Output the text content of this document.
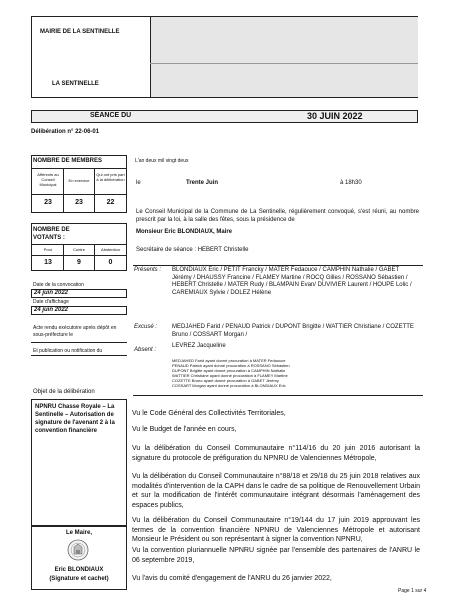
MAIRIE DE LA SENTINELLE
LA SENTINELLE
SÉANCE DU	30 JUIN 2022
Délibération n° 22-06-01
NOMBRE DE MEMBRES
Afférents au Conseil Municipal
En exercice
Qui ont pris part à la délibération
23	23	22
NOMBRE DE VOTANTS :
Pour	Contre	Abstention
13	9	0
Date de la convocation
24 juin 2022
Date d'affichage
24 juin 2022
Acte rendu exécutoire après dépôt en sous-préfecture le
Et publication ou notification du
Objet de la délibération
NPNRU Chasse Royale – La Sentinelle – Autorisation de signature de l'avenant 2 à la convention financière
Le Maire,
Eric BLONDIAUX
(Signature et cachet)
L'an deux mil vingt deux
le	Trente Juin	à 18h30
Le Conseil Municipal de la Commune de La Sentinelle, régulièrement convoqué, s'est réuni, au nombre prescrit par la loi, à la salle des fêtes, sous la présidence de
Monsieur Eric BLONDIAUX, Maire
Secrétaire de séance : HEBERT Christelle
Présents : BLONDIAUX Eric / PETIT Francky / MATER Fedaouce / CAMPHIN Nathalie / GABET Jérémy / DHAUSSY Francine / FLAMEY Martine / ROCQ Gilles / ROSSANO Sébastien / HEBERT Christelle / MATER Rudy / BLAMPAIN Evan/ DUVIVIER Laurent / HOUPE Lolic / CAREMIAUX Sylvie / DOLEZ Hélène
Excusé : MEDJAHED Farid / PENAUD Patrick / DUPONT Brigitte / WATTIER Christiane / COZETTE Bruno / COSSART Morgan /
Absent :
LEVREZ Jacqueline
MEDJAHED Farid ayant donné procuration à MATER Fedaouce
PENAUD Patrick ayant donné procuration à ROSSANO Sébastien
DUPONT Brigitte ayant donné procuration à CAMPHIN Nathalie
WATTIER Christiane ayant donné procuration à FLAMEY Martine
COZETTE Bruno ayant donné procuration à GABET Jérémy
COSSART Morgan ayant donné procuration à BLONDIAUX Eric
Vu le Code Général des Collectivités Territoriales,
Vu le Budget de l'année en cours,
Vu la délibération du Conseil Communautaire n°114/16 du 20 juin 2016 autorisant la signature du protocole de préfiguration du NPNRU de Valenciennes Métropole,
Vu la délibération du Conseil Communautaire n°88/18 et 29/18 du 25 juin 2018 relatives aux modalités d'intervention de la CAPH dans le cadre de sa politique de Renouvellement Urbain et sur la modification de l'intérêt communautaire intégrant désormais l'aménagement des espaces publics,
Vu la délibération du Conseil Communautaire n°19/144 du 17 juin 2019 approuvant les termes de la convention financière NPNRU de Valenciennes Métropole et autorisant Monsieur le Président ou son représentant à signer la convention NPNRU,
Vu la convention pluriannuelle NPNRU signée par l'ensemble des partenaires de l'ANRU le 06 septembre 2019,
Vu l'avis du comité d'engagement de l'ANRU du 26 janvier 2022,
Page 1 sur 4
